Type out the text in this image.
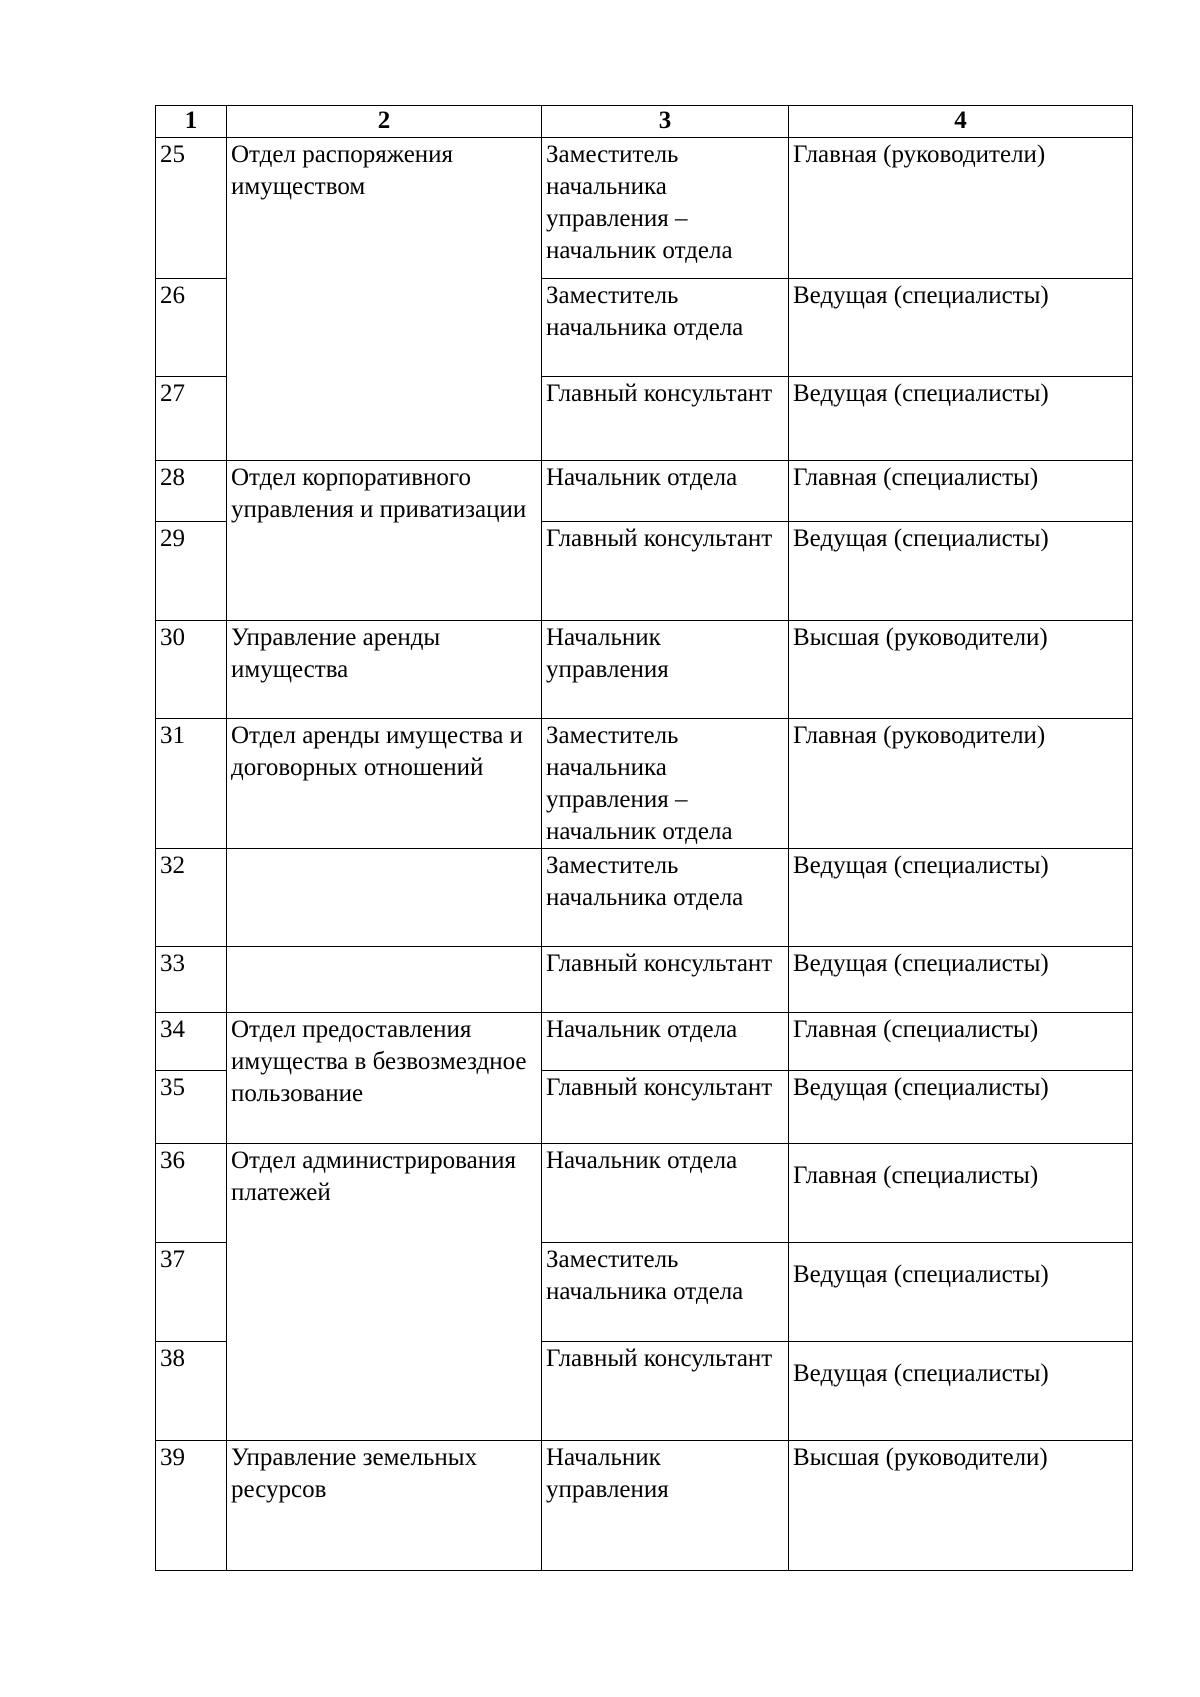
1	2	3	4
25	Отдел распоряжения имуществом	Заместитель начальника управления – начальник отдела	Главная (руководители)
26		Заместитель начальника отдела	Ведущая (специалисты)
27		Главный консультант	Ведущая (специалисты)
28	Отдел корпоративного управления и приватизации	Начальник отдела	Главная (специалисты)
29		Главный консультант	Ведущая (специалисты)
30	Управление аренды имущества	Начальник управления	Высшая (руководители)
31	Отдел аренды имущества и договорных отношений	Заместитель начальника управления – начальник отдела	Главная (руководители)
32		Заместитель начальника отдела	Ведущая (специалисты)
33		Главный консультант	Ведущая (специалисты)
34	Отдел предоставления имущества в безвозмездное пользование	Начальник отдела	Главная (специалисты)
35		Главный консультант	Ведущая (специалисты)
36	Отдел администрирования платежей	Начальник отдела	Главная (специалисты)
37		Заместитель начальника отдела	Ведущая (специалисты)
38		Главный консультант	Ведущая (специалисты)
39	Управление земельных ресурсов	Начальник управления	Высшая (руководители)
